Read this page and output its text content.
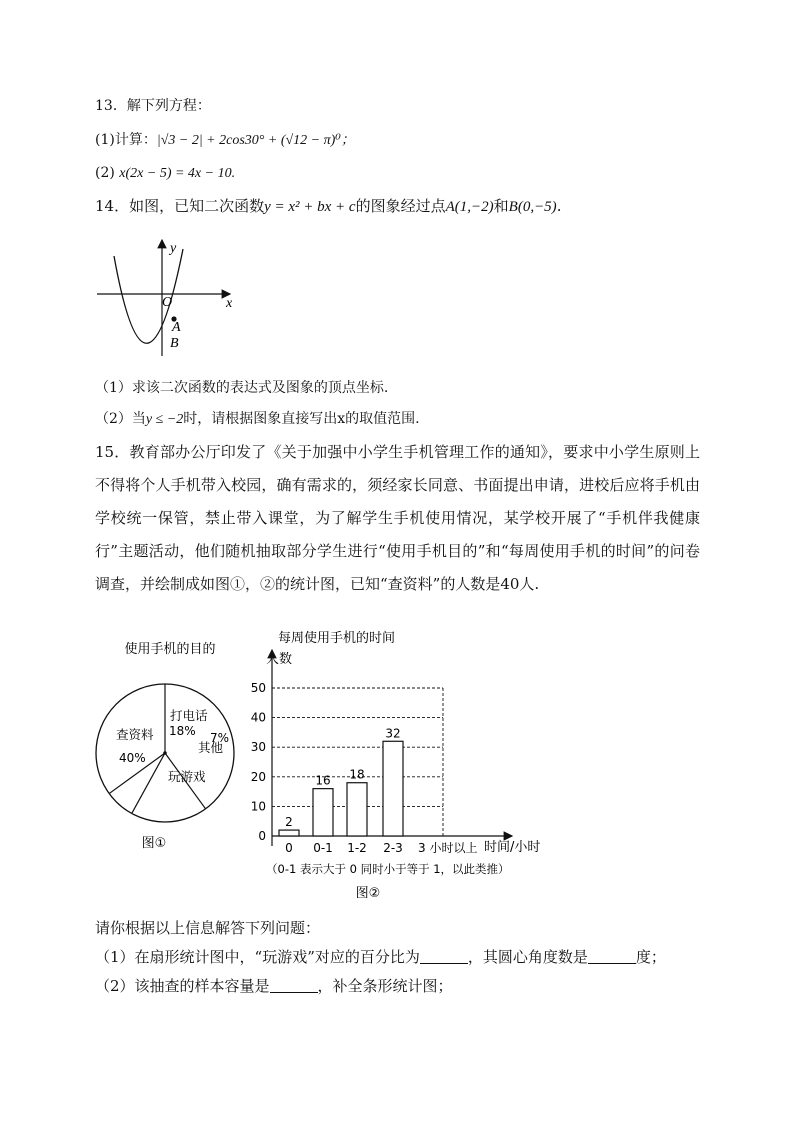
13．解下列方程：
(1)计算：|√3 − 2| + 2cos30° + (√12 − π)⁰；
(2) x(2x − 5) = 4x − 10.
14．如图，已知二次函数y = x² + bx + c的图象经过点A(1,−2)和B(0,−5).
y
x
O
A
B
（1）求该二次函数的表达式及图象的顶点坐标.
（2）当y ≤ −2时，请根据图象直接写出x的取值范围.
15．教育部办公厅印发了《关于加强中小学生手机管理工作的通知》，要求中小学生原则上不得将个人手机带入校园，确有需求的，须经家长同意、书面提出申请，进校后应将手机由学校统一保管，禁止带入课堂，为了解学生手机使用情况，某学校开展了“手机伴我健康行”主题活动，他们随机抽取部分学生进行“使用手机目的”和“每周使用手机的时间”的问卷调查，并绘制成如图①，②的统计图，已知“查资料”的人数是40人.
使用手机的目的
查资料
40%
打电话
18%
其他
7%
玩游戏
图①
每周使用手机的时间
人数
0
10
20
30
40
50
2
0
16
0-1
18
1-2
32
2-3 3 小时以上 时间/小时
（0-1 表示大于 0 同时小于等于 1，以此类推）
图②
请你根据以上信息解答下列问题：
（1）在扇形统计图中，“玩游戏”对应的百分比为	，其圆心角度数是	度；
（2）该抽查的样本容量是	，补全条形统计图；
